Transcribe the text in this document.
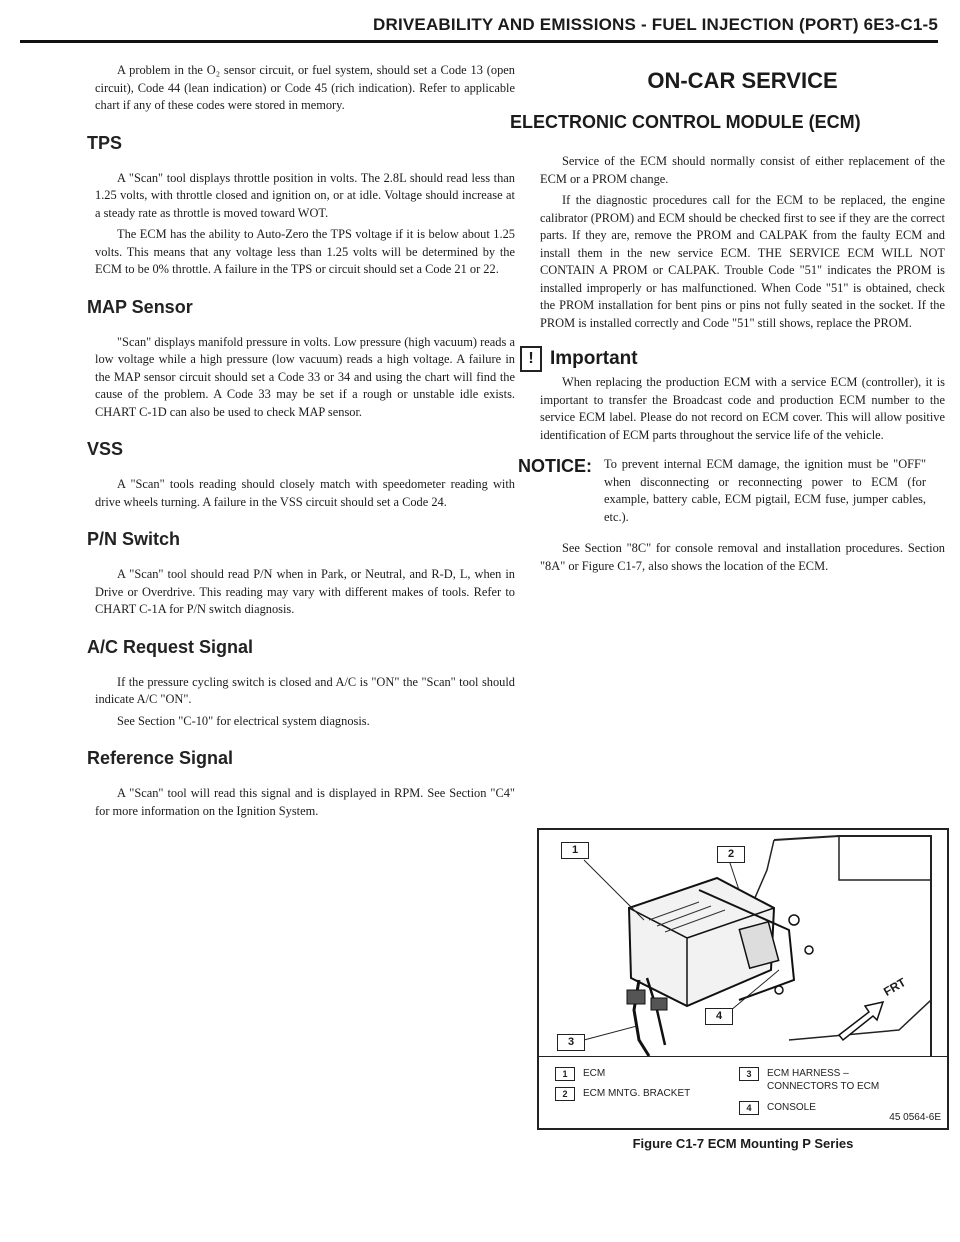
DRIVEABILITY AND EMISSIONS - FUEL INJECTION (PORT) 6E3-C1-5

A problem in the O₂ sensor circuit, or fuel system, should set a Code 13 (open circuit), Code 44 (lean indication) or Code 45 (rich indication). Refer to applicable chart if any of these codes were stored in memory.

TPS

A "Scan" tool displays throttle position in volts. The 2.8L should read less than 1.25 volts, with throttle closed and ignition on, or at idle. Voltage should increase at a steady rate as throttle is moved toward WOT.

The ECM has the ability to Auto-Zero the TPS voltage if it is below about 1.25 volts. This means that any voltage less than 1.25 volts will be determined by the ECM to be 0% throttle. A failure in the TPS or circuit should set a Code 21 or 22.

MAP Sensor

"Scan" displays manifold pressure in volts. Low pressure (high vacuum) reads a low voltage while a high pressure (low vacuum) reads a high voltage. A failure in the MAP sensor circuit should set a Code 33 or 34 and using the chart will find the cause of the problem. A Code 33 may be set if a rough or unstable idle exists. CHART C-1D can also be used to check MAP sensor.

VSS

A "Scan" tools reading should closely match with speedometer reading with drive wheels turning. A failure in the VSS circuit should set a Code 24.

P/N Switch

A "Scan" tool should read P/N when in Park, or Neutral, and R-D, L, when in Drive or Overdrive. This reading may vary with different makes of tools. Refer to CHART C-1A for P/N switch diagnosis.

A/C Request Signal

If the pressure cycling switch is closed and A/C is "ON" the "Scan" tool should indicate A/C "ON".

See Section "C-10" for electrical system diagnosis.

Reference Signal

A "Scan" tool will read this signal and is displayed in RPM. See Section "C4" for more information on the Ignition System.

ON-CAR SERVICE
ELECTRONIC CONTROL MODULE (ECM)

Service of the ECM should normally consist of either replacement of the ECM or a PROM change.

If the diagnostic procedures call for the ECM to be replaced, the engine calibrator (PROM) and ECM should be checked first to see if they are the correct parts. If they are, remove the PROM and CALPAK from the faulty ECM and install them in the new service ECM. THE SERVICE ECM WILL NOT CONTAIN A PROM or CALPAK. Trouble Code "51" indicates the PROM is installed improperly or has malfunctioned. When Code "51" is obtained, check the PROM installation for bent pins or pins not fully seated in the socket. If the PROM is installed correctly and Code "51" still shows, replace the PROM.

! Important

When replacing the production ECM with a service ECM (controller), it is important to transfer the Broadcast code and production ECM number to the service ECM label. Please do not record on ECM cover. This will allow positive identification of ECM parts throughout the service life of the vehicle.

NOTICE: To prevent internal ECM damage, the ignition must be "OFF" when disconnecting or reconnecting power to ECM (for example, battery cable, ECM pigtail, ECM fuse, jumper cables, etc.).

See Section "8C" for console removal and installation procedures. Section "8A" or Figure C1-7, also shows the location of the ECM.

1	2
3
4
FRT
1	ECM
2	ECM MNTG. BRACKET
3	ECM HARNESS – CONNECTORS TO ECM
4	CONSOLE
45 0564-6E
Figure C1-7 ECM Mounting P Series
